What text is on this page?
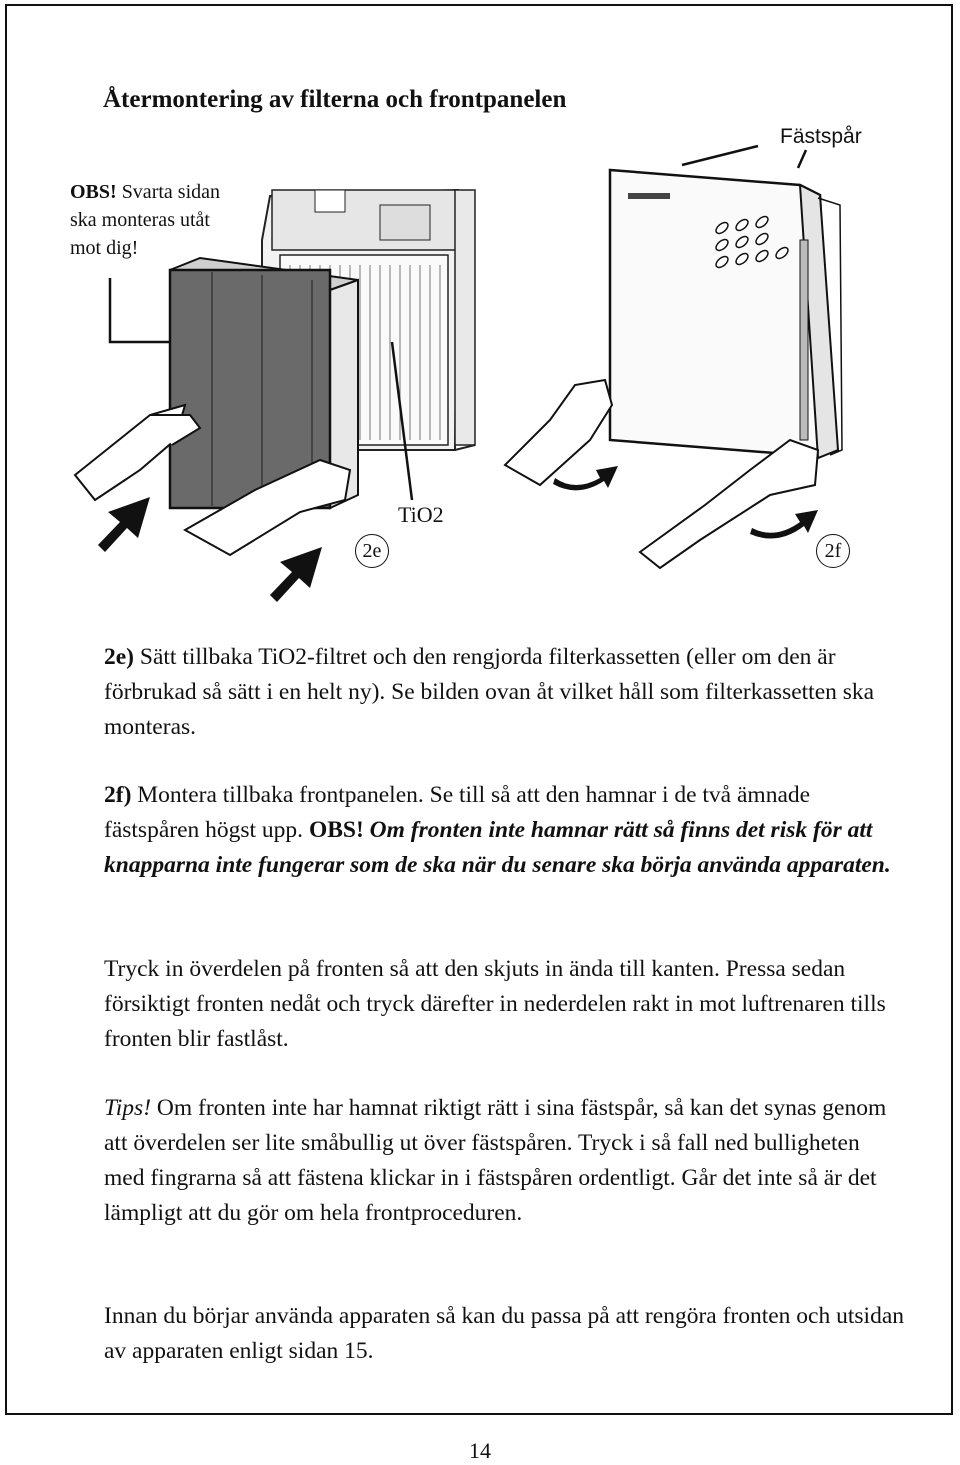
Återmontering av filterna och frontpanelen
OBS! Svarta sidan
ska monteras utåt
mot dig!
Fästspår
TiO2
2e	2f
2e) Sätt tillbaka TiO2-filtret och den rengjorda filterkassetten (eller om den är förbrukad så sätt i en helt ny). Se bilden ovan åt vilket håll som filterkassetten ska monteras.
2f) Montera tillbaka frontpanelen. Se till så att den hamnar i de två ämnade fästspåren högst upp. OBS! Om fronten inte hamnar rätt så finns det risk för att knapparna inte fungerar som de ska när du senare ska börja använda apparaten.
Tryck in överdelen på fronten så att den skjuts in ända till kanten. Pressa sedan försiktigt fronten nedåt och tryck därefter in nederdelen rakt in mot luftrenaren tills fronten blir fastlåst.
Tips! Om fronten inte har hamnat riktigt rätt i sina fästspår, så kan det synas genom att överdelen ser lite småbullig ut över fästspåren. Tryck i så fall ned bulligheten med fingrarna så att fästena klickar in i fästspåren ordentligt. Går det inte så är det lämpligt att du gör om hela frontproceduren.
Innan du börjar använda apparaten så kan du passa på att rengöra fronten och utsidan av apparaten enligt sidan 15.
14
